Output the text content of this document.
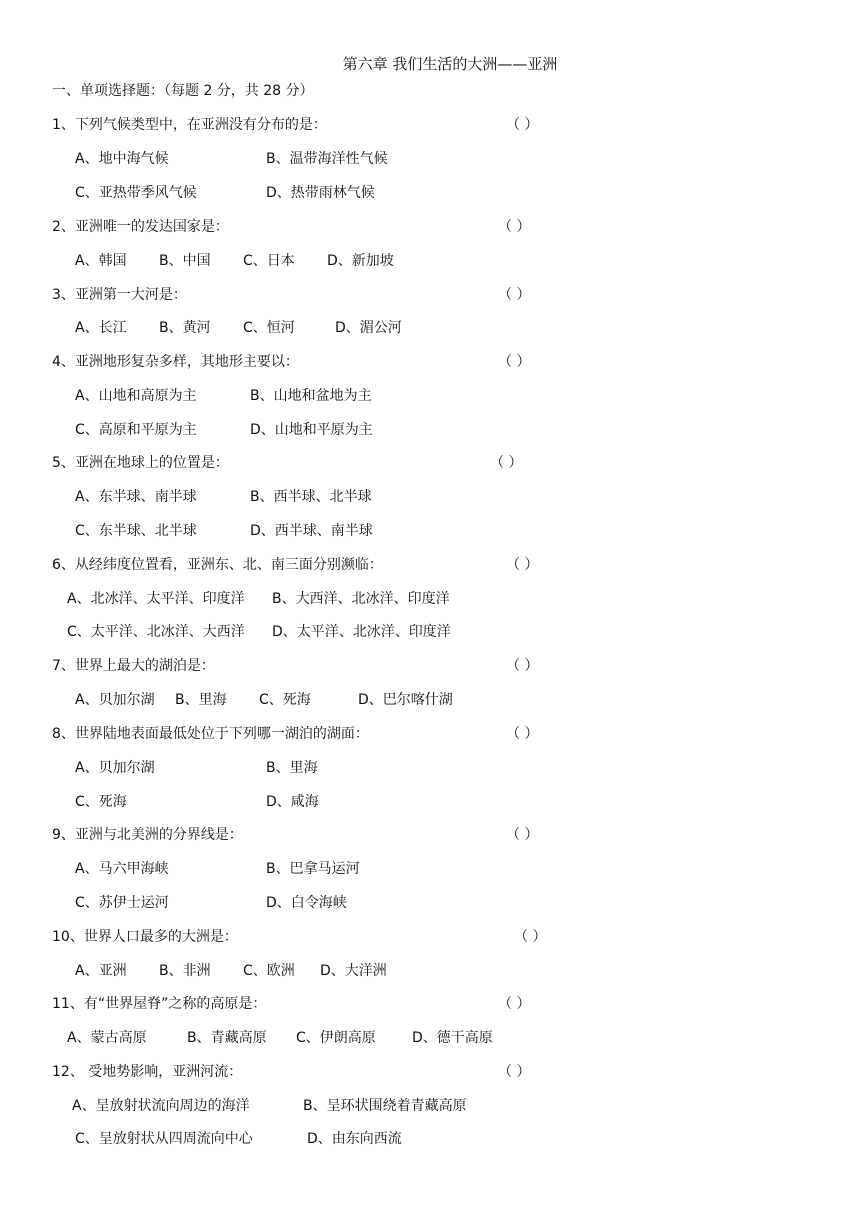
第六章 我们生活的大洲——亚洲
一、单项选择题：（每题 2 分，共 28 分）
1、下列气候类型中，在亚洲没有分布的是：	（ ）
A、地中海气候	B、温带海洋性气候
C、亚热带季风气候	D、热带雨林气候
2、亚洲唯一的发达国家是：	（ ）
A、韩国 B、中国 C、日本 D、新加坡
3、亚洲第一大河是：	（ ）
A、长江 B、黄河 C、恒河	D、湄公河
4、亚洲地形复杂多样，其地形主要以：	（ ）
A、山地和高原为主	B、山地和盆地为主
C、高原和平原为主	D、山地和平原为主
5、亚洲在地球上的位置是：	（ ）
A、东半球、南半球	B、西半球、北半球
C、东半球、北半球	D、西半球、南半球
6、从经纬度位置看，亚洲东、北、南三面分别濒临：	（ ）
A、北冰洋、太平洋、印度洋 B、大西洋、北冰洋、印度洋
C、太平洋、北冰洋、大西洋 D、太平洋、北冰洋、印度洋
7、世界上最大的湖泊是：	（ ）
A、贝加尔湖 B、里海 C、死海	D、巴尔喀什湖
8、世界陆地表面最低处位于下列哪一湖泊的湖面：	（ ）
A、贝加尔湖	B、里海
C、死海	D、咸海
9、亚洲与北美洲的分界线是：	（ ）
A、马六甲海峡	B、巴拿马运河
C、苏伊士运河	D、白令海峡
10、世界人口最多的大洲是：	（ ）
A、亚洲 B、非洲 C、欧洲 D、大洋洲
11、有“世界屋脊”之称的高原是：	（ ）
A、蒙古高原	B、青藏高原 C、伊朗高原	D、德干高原
12、 受地势影响，亚洲河流：	（ ）
A、呈放射状流向周边的海洋	B、呈环状围绕着青藏高原
C、呈放射状从四周流向中心	D、由东向西流
